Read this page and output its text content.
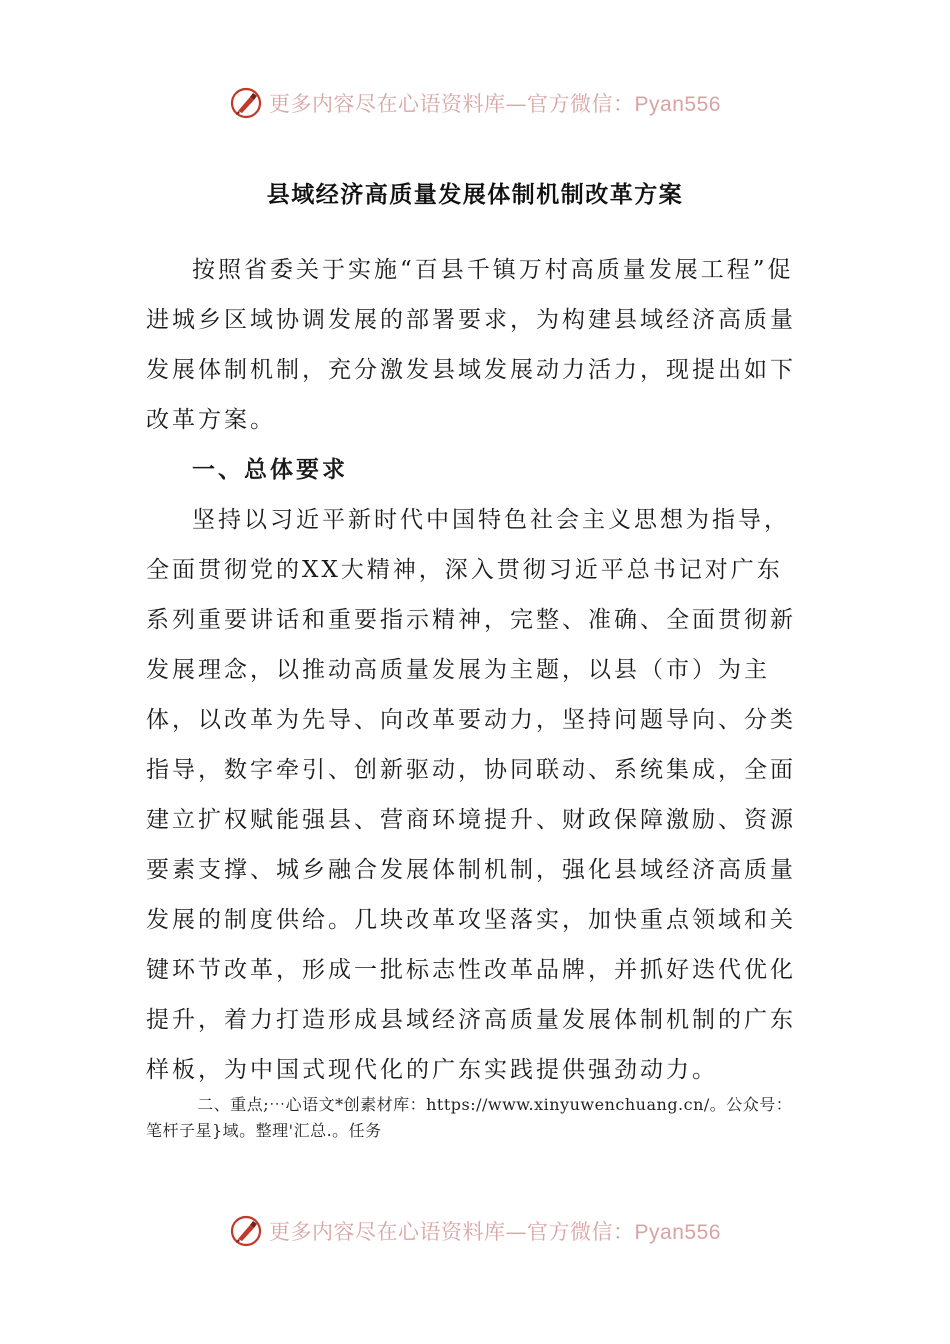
更多内容尽在心语资料库—官方微信：Pyan556
县域经济高质量发展体制机制改革方案

按照省委关于实施“百县千镇万村高质量发展工程”促进城乡区域协调发展的部署要求，为构建县域经济高质量发展体制机制，充分激发县域发展动力活力，现提出如下改革方案。

一、总体要求

坚持以习近平新时代中国特色社会主义思想为指导，全面贯彻党的XX大精神，深入贯彻习近平总书记对广东系列重要讲话和重要指示精神，完整、准确、全面贯彻新发展理念，以推动高质量发展为主题，以县（市）为主体，以改革为先导、向改革要动力，坚持问题导向、分类指导，数字牵引、创新驱动，协同联动、系统集成，全面建立扩权赋能强县、营商环境提升、财政保障激励、资源要素支撑、城乡融合发展体制机制，强化县域经济高质量发展的制度供给。几块改革攻坚落实，加快重点领域和关键环节改革，形成一批标志性改革品牌，并抓好迭代优化提升，着力打造形成县域经济高质量发展体制机制的广东样板，为中国式现代化的广东实践提供强劲动力。

二、重点;⋯心语文*创素材库：https://www.xinyuwenchuang.cn/。公众号：笔杆子星}域。整理'汇总.。任务

更多内容尽在心语资料库—官方微信：Pyan556
